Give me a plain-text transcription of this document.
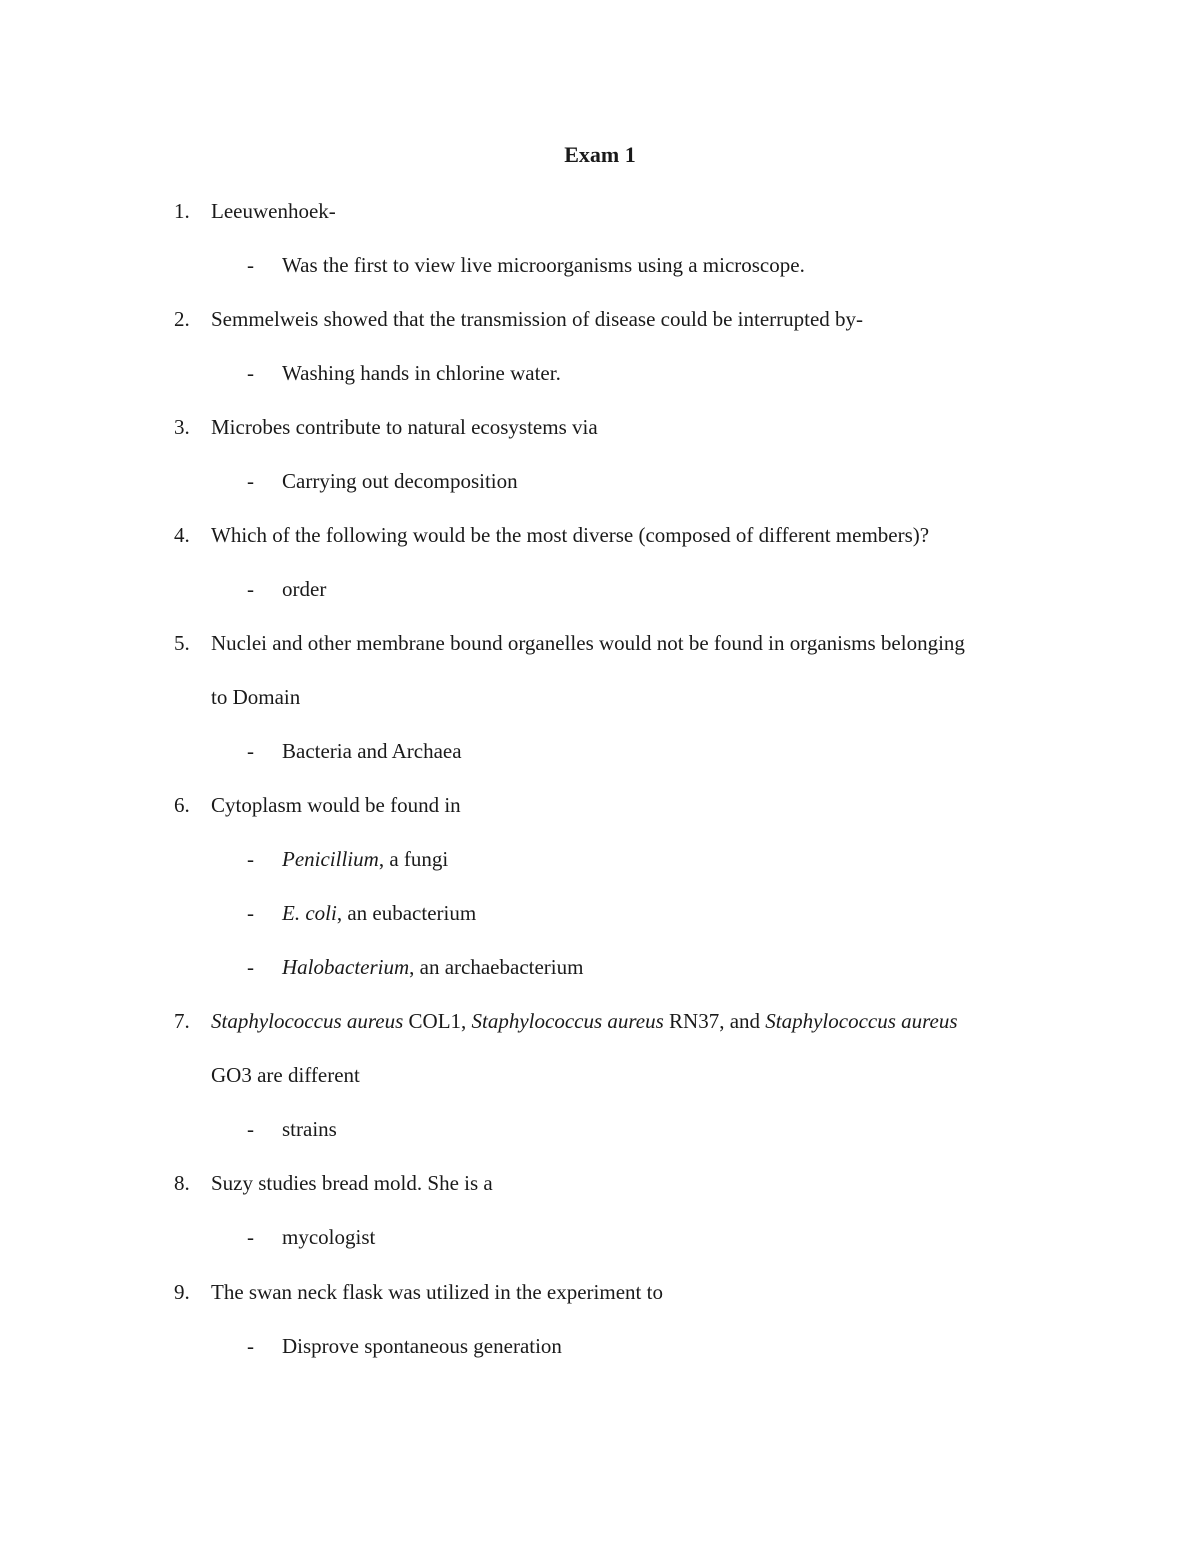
Exam 1
1. Leeuwenhoek-
- Was the first to view live microorganisms using a microscope.
2. Semmelweis showed that the transmission of disease could be interrupted by-
- Washing hands in chlorine water.
3. Microbes contribute to natural ecosystems via
- Carrying out decomposition
4. Which of the following would be the most diverse (composed of different members)?
- order
5. Nuclei and other membrane bound organelles would not be found in organisms belonging
to Domain
- Bacteria and Archaea
6. Cytoplasm would be found in
- Penicillium, a fungi
- E. coli, an eubacterium
- Halobacterium, an archaebacterium
7. Staphylococcus aureus COL1, Staphylococcus aureus RN37, and Staphylococcus aureus
GO3 are different
- strains
8. Suzy studies bread mold. She is a
- mycologist
9. The swan neck flask was utilized in the experiment to
- Disprove spontaneous generation
